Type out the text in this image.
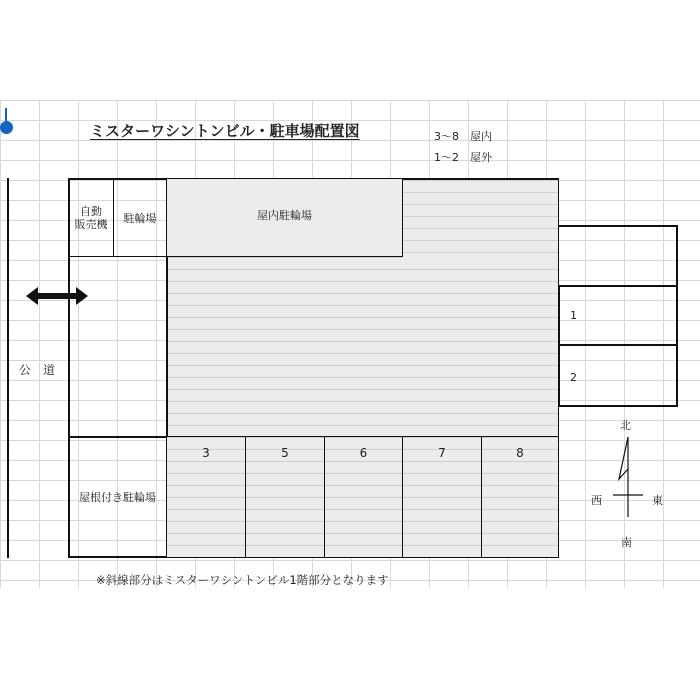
ミスターワシントンビル・駐車場配置図	3〜8　屋内
1〜2　屋外
公　道
自動
販売機 駐輪場	屋内駐輪場
屋根付き駐輪場
3	5	6	7	8
1
2
北
西	東
南
※斜線部分はミスターワシントンビル1階部分となります
